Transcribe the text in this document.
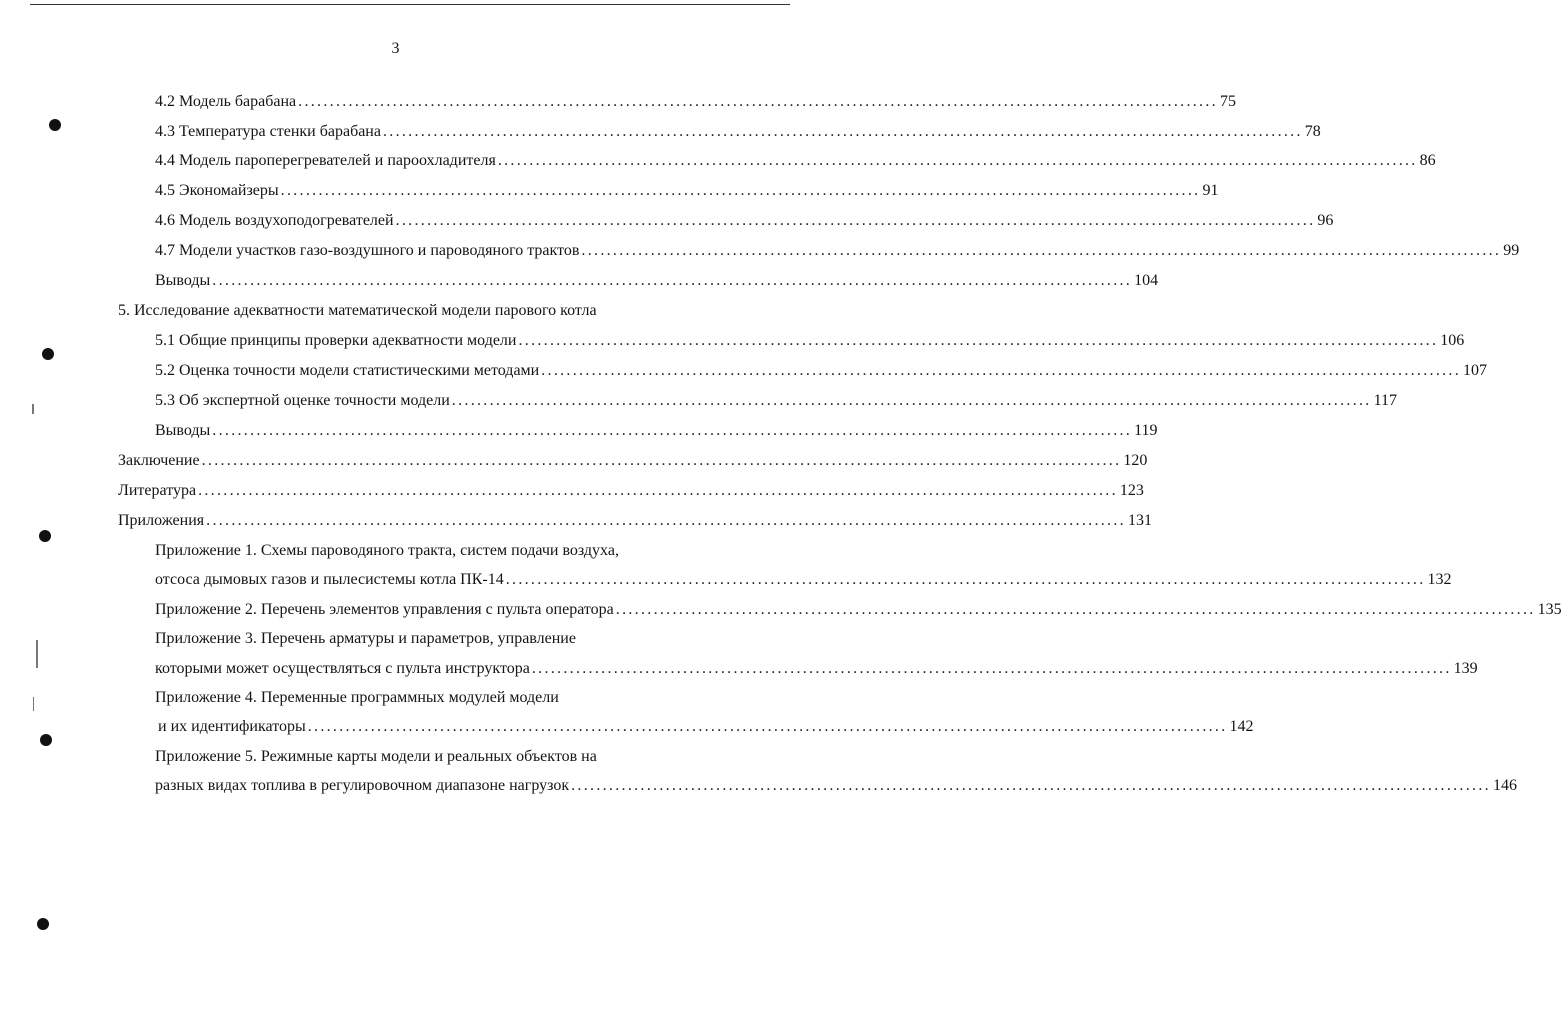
3
4.2 Модель барабана .................................................................................................................................................. 75
4.3 Температура стенки барабана .................................................................................................................................................. 78
4.4 Модель пароперегревателей и пароохладителя .................................................................................................................................................. 86
4.5 Экономайзеры .................................................................................................................................................. 91
4.6 Модель воздухоподогревателей .................................................................................................................................................. 96
4.7 Модели участков газо-воздушного и пароводяного трактов .................................................................................................................................................. 99
Выводы .................................................................................................................................................. 104
5. Исследование адекватности математической модели парового котла
5.1 Общие принципы проверки адекватности модели .................................................................................................................................................. 106
5.2 Оценка точности модели статистическими методами .................................................................................................................................................. 107
5.3 Об экспертной оценке точности модели .................................................................................................................................................. 117
Выводы .................................................................................................................................................. 119
Заключение .................................................................................................................................................. 120
Литература .................................................................................................................................................. 123
Приложения .................................................................................................................................................. 131
Приложение 1. Схемы пароводяного тракта, систем подачи воздуха,
отсоса дымовых газов и пылесистемы котла ПК-14 .................................................................................................................................................. 132
Приложение 2. Перечень элементов управления с пульта оператора .................................................................................................................................................. 135
Приложение 3. Перечень арматуры и параметров, управление
которыми может осуществляться с пульта инструктора .................................................................................................................................................. 139
Приложение 4. Переменные программных модулей модели
и их идентификаторы .................................................................................................................................................. 142
Приложение 5. Режимные карты модели и реальных объектов на
разных видах топлива в регулировочном диапазоне нагрузок .................................................................................................................................................. 146
